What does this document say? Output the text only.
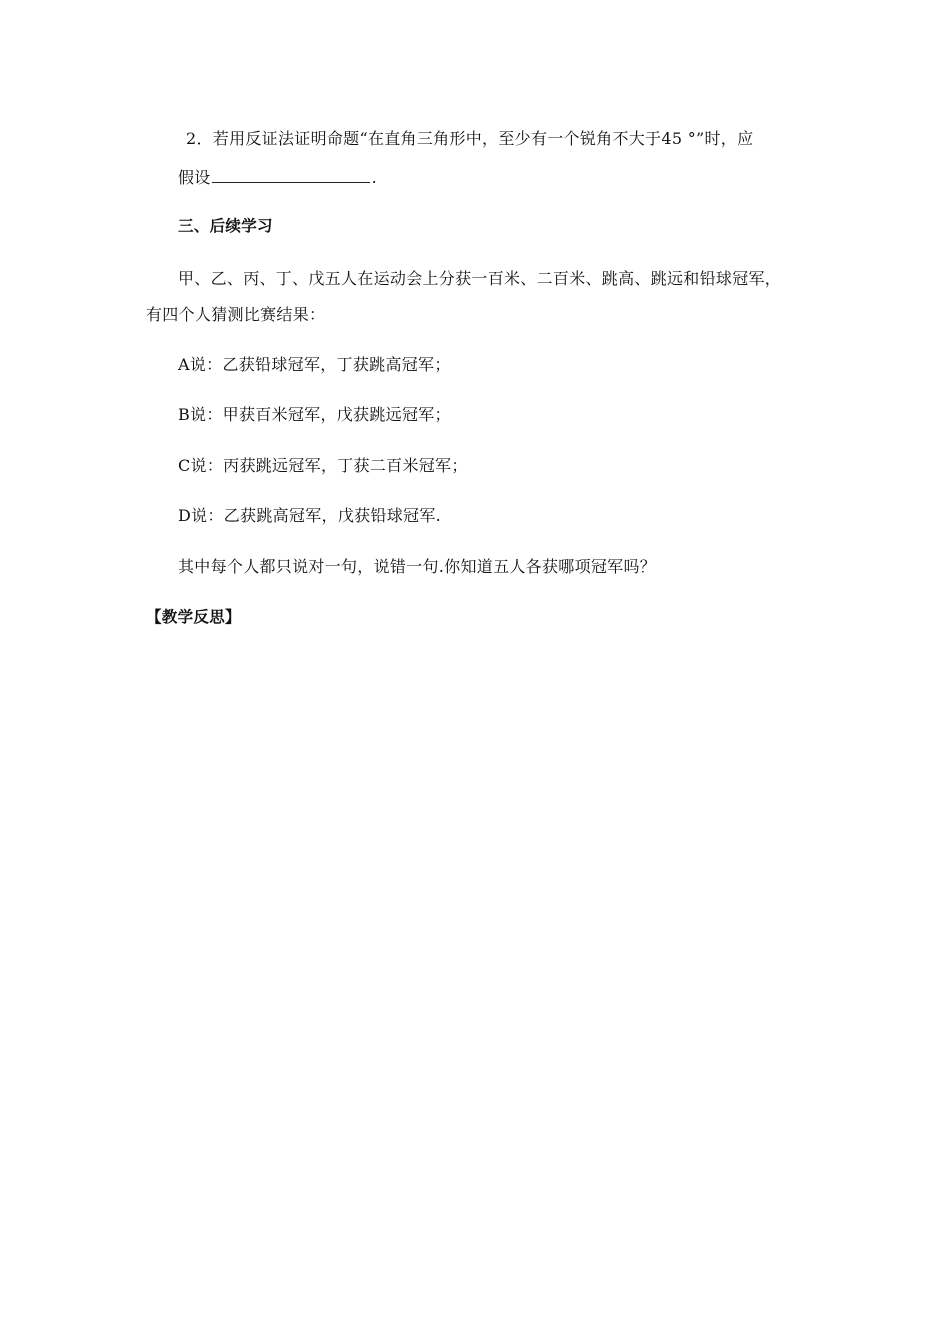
2．若用反证法证明命题“在直角三角形中，至少有一个锐角不大于45 °”时，应
假设	.
三、后续学习
甲、乙、丙、丁、戊五人在运动会上分获一百米、二百米、跳高、跳远和铅球冠军，
有四个人猜测比赛结果：
A说：乙获铅球冠军，丁获跳高冠军；
B说：甲获百米冠军，戊获跳远冠军；
C说：丙获跳远冠军，丁获二百米冠军；
D说：乙获跳高冠军，戊获铅球冠军.
其中每个人都只说对一句，说错一句.你知道五人各获哪项冠军吗？
【教学反思】
